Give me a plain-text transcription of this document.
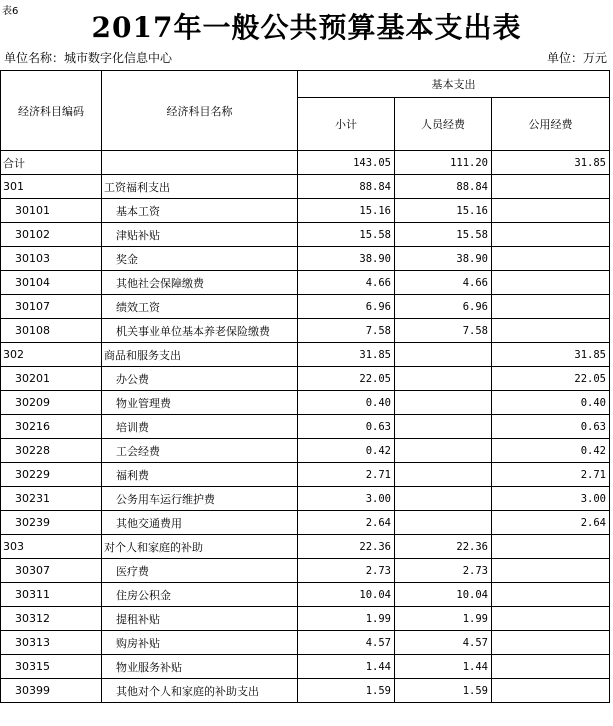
表6	2017年一般公共预算基本支出表
单位名称：城市数字化信息中心	单位：万元
经济科目编码	经济科目名称	基本支出		
		小计	人员经费	公用经费
合计		143.05	111.20	31.85
301	工资福利支出	88.84	88.84	
30101	基本工资	15.16	15.16	
30102	津贴补贴	15.58	15.58	
30103	奖金	38.90	38.90	
30104	其他社会保障缴费	4.66	4.66	
30107	绩效工资	6.96	6.96	
30108	机关事业单位基本养老保险缴费	7.58	7.58	
302	商品和服务支出	31.85		31.85
30201	办公费	22.05		22.05
30209	物业管理费	0.40		0.40
30216	培训费	0.63		0.63
30228	工会经费	0.42		0.42
30229	福利费	2.71		2.71
30231	公务用车运行维护费	3.00		3.00
30239	其他交通费用	2.64		2.64
303	对个人和家庭的补助	22.36	22.36	
30307	医疗费	2.73	2.73	
30311	住房公积金	10.04	10.04	
30312	提租补贴	1.99	1.99	
30313	购房补贴	4.57	4.57	
30315	物业服务补贴	1.44	1.44	
30399	其他对个人和家庭的补助支出	1.59	1.59	
